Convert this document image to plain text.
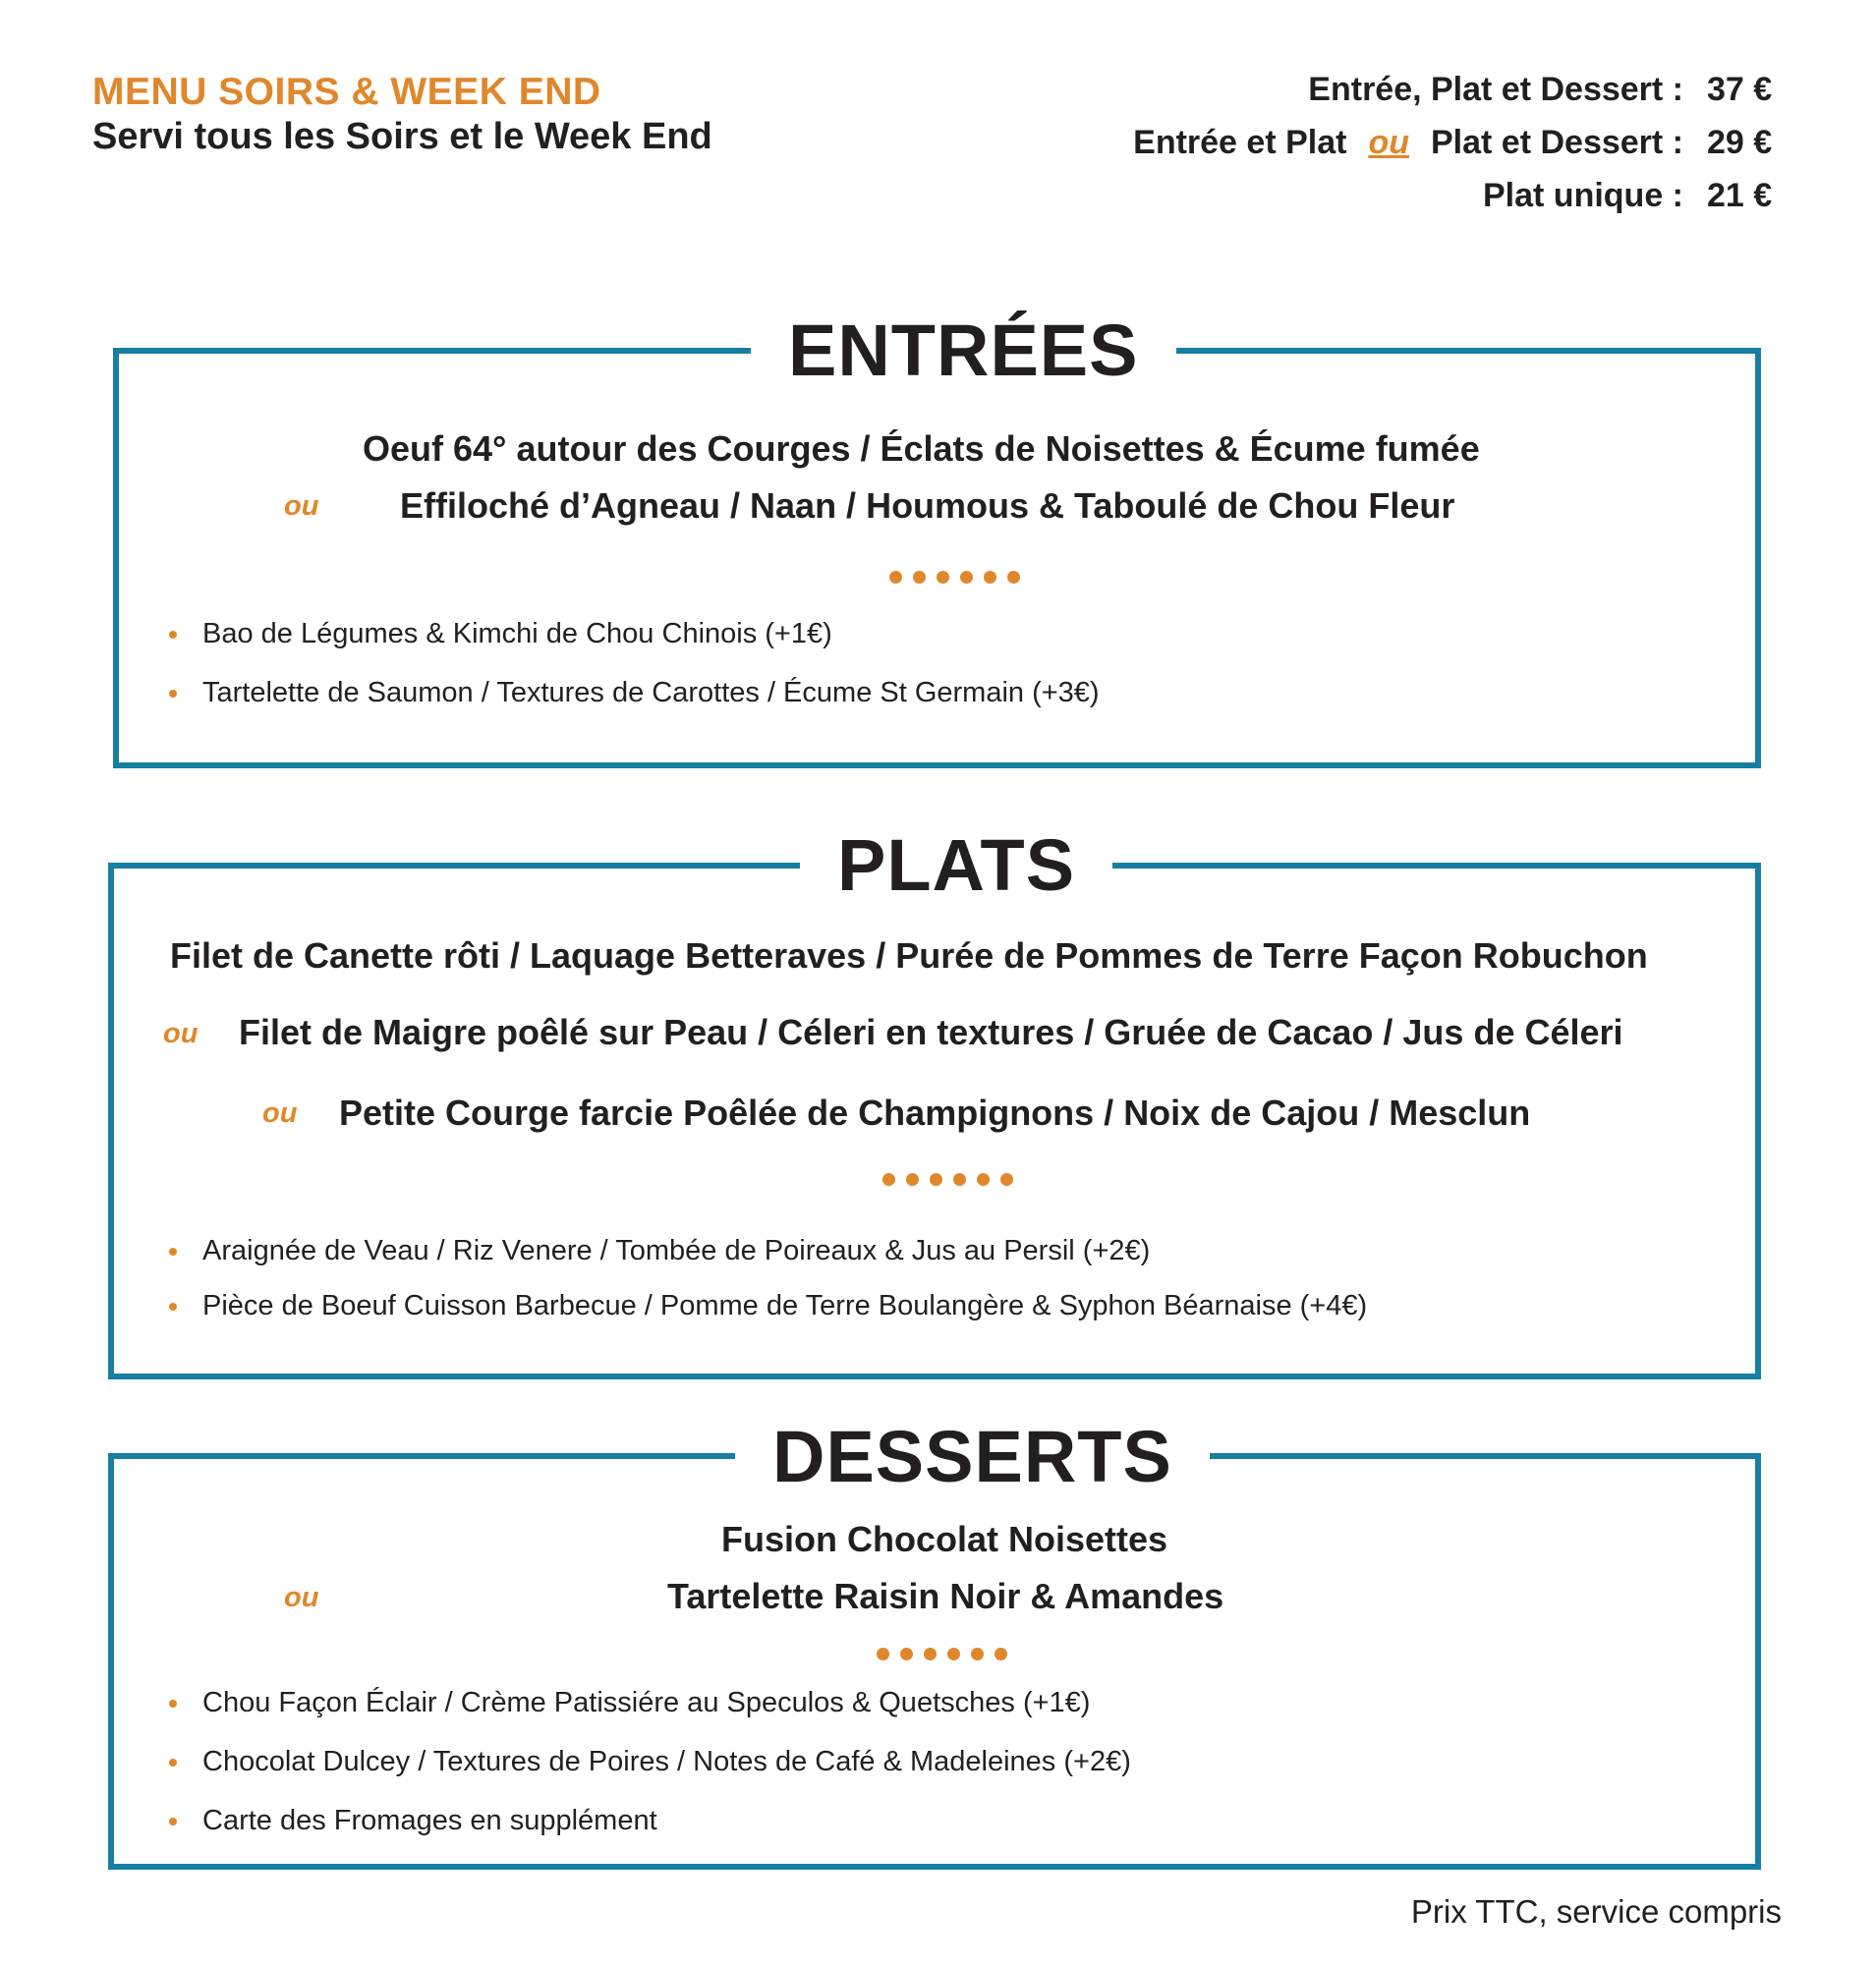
MENU SOIRS & WEEK END
Servi tous les Soirs et le Week End
Entrée, Plat et Dessert : 37 €
Entrée et Plat ou Plat et Dessert : 29 €
Plat unique : 21 €
ENTRÉES
Oeuf 64° autour des Courges / Éclats de Noisettes & Écume fumée
ou Effiloché d’Agneau / Naan / Houmous & Taboulé de Chou Fleur
Bao de Légumes & Kimchi de Chou Chinois (+1€)
Tartelette de Saumon / Textures de Carottes / Écume St Germain (+3€)
PLATS
Filet de Canette rôti / Laquage Betteraves / Purée de Pommes de Terre Façon Robuchon
ou Filet de Maigre poêlé sur Peau / Céleri en textures / Gruée de Cacao / Jus de Céleri
ou Petite Courge farcie Poêlée de Champignons / Noix de Cajou / Mesclun
Araignée de Veau / Riz Venere / Tombée de Poireaux & Jus au Persil (+2€)
Pièce de Boeuf Cuisson Barbecue / Pomme de Terre Boulangère & Syphon Béarnaise (+4€)
DESSERTS
Fusion Chocolat Noisettes
ou	Tartelette Raisin Noir & Amandes
Chou Façon Éclair / Crème Patissiére au Speculos & Quetsches (+1€)
Chocolat Dulcey / Textures de Poires / Notes de Café & Madeleines (+2€)
Carte des Fromages en supplément
Prix TTC, service compris
